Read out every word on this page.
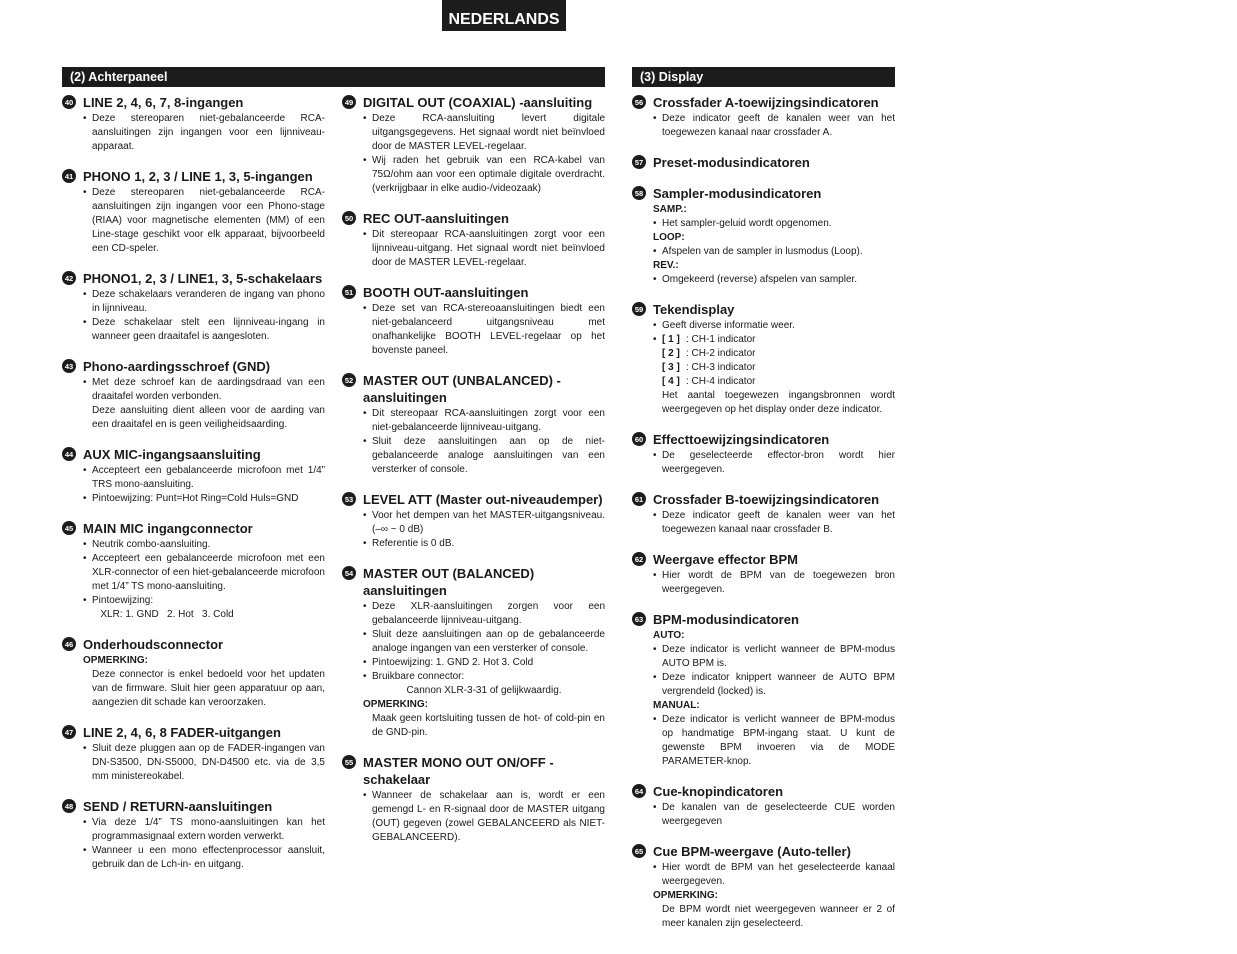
NEDERLANDS
(2) Achterpaneel	(3) Display
40 LINE 2, 4, 6, 7, 8-ingangen
• Deze stereoparen niet-gebalanceerde RCA-aansluitingen zijn ingangen voor een lijnniveau-apparaat.
41 PHONO 1, 2, 3 / LINE 1, 3, 5-ingangen
• Deze stereoparen niet-gebalanceerde RCA-aansluitingen zijn ingangen voor een Phono-stage (RIAA) voor magnetische elementen (MM) of een Line-stage geschikt voor elk apparaat, bijvoorbeeld een CD-speler.
42 PHONO1, 2, 3 / LINE1, 3, 5-schakelaars
• Deze schakelaars veranderen de ingang van phono in lijnniveau.
• Deze schakelaar stelt een lijnniveau-ingang in wanneer geen draaitafel is aangesloten.
43 Phono-aardingsschroef (GND)
• Met deze schroef kan de aardingsdraad van een draaitafel worden verbonden.
Deze aansluiting dient alleen voor de aarding van een draaitafel en is geen veiligheidsaarding.
44 AUX MIC-ingangsaansluiting
• Accepteert een gebalanceerde microfoon met 1/4” TRS mono-aansluiting.
• Pintoewijzing: Punt=Hot Ring=Cold Huls=GND
45 MAIN MIC ingangconnector
• Neutrik combo-aansluiting.
• Accepteert een gebalanceerde microfoon met een XLR-connector of een hiet-gebalanceerde microfoon met 1/4” TS mono-aansluiting.
• Pintoewijzing:
XLR: 1. GND   2. Hot   3. Cold
46 Onderhoudsconnector
OPMERKING:
Deze connector is enkel bedoeld voor het updaten van de firmware. Sluit hier geen apparatuur op aan, aangezien dit schade kan veroorzaken.
47 LINE 2, 4, 6, 8 FADER-uitgangen
• Sluit deze pluggen aan op de FADER-ingangen van DN-S3500, DN-S5000, DN-D4500 etc. via de 3,5 mm ministereokabel.
48 SEND / RETURN-aansluitingen
• Via deze 1/4” TS mono-aansluitingen kan het programmasignaal extern worden verwerkt.
• Wanneer u een mono effectenprocessor aansluit, gebruik dan de Lch-in- en uitgang.
49 DIGITAL OUT (COAXIAL) -aansluiting
• Deze RCA-aansluiting levert digitale uitgangsgegevens. Het signaal wordt niet beïnvloed door de MASTER LEVEL-regelaar.
• Wij raden het gebruik van een RCA-kabel van 75Ω/ohm aan voor een optimale digitale overdracht. (verkrijgbaar in elke audio-/videozaak)
50 REC OUT-aansluitingen
• Dit stereopaar RCA-aansluitingen zorgt voor een lijnniveau-uitgang. Het signaal wordt niet beïnvloed door de MASTER LEVEL-regelaar.
51 BOOTH OUT-aansluitingen
• Deze set van RCA-stereoaansluitingen biedt een niet-gebalanceerd uitgangsniveau met onafhankelijke BOOTH LEVEL-regelaar op het bovenste paneel.
52 MASTER OUT (UNBALANCED) - aansluitingen
• Dit stereopaar RCA-aansluitingen zorgt voor een niet-gebalanceerde lijnniveau-uitgang.
• Sluit deze aansluitingen aan op de niet-gebalanceerde analoge aansluitingen van een versterker of console.
53 LEVEL ATT (Master out-niveaudemper)
• Voor het dempen van het MASTER-uitgangsniveau. (–∞ ~ 0 dB)
• Referentie is 0 dB.
54 MASTER OUT (BALANCED) aansluitingen
• Deze XLR-aansluitingen zorgen voor een gebalanceerde lijnniveau-uitgang.
• Sluit deze aansluitingen aan op de gebalanceerde analoge ingangen van een versterker of console.
• Pintoewijzing: 1. GND 2. Hot 3. Cold
• Bruikbare connector:
Cannon XLR-3-31 of gelijkwaardig.
OPMERKING:
Maak geen kortsluiting tussen de hot- of cold-pin en de GND-pin.
55 MASTER MONO OUT ON/OFF - schakelaar
• Wanneer de schakelaar aan is, wordt er een gemengd L- en R-signaal door de MASTER uitgang (OUT) gegeven (zowel GEBALANCEERD als NIET-GEBALANCEERD).
56 Crossfader A-toewijzingsindicatoren
• Deze indicator geeft de kanalen weer van het toegewezen kanaal naar crossfader A.
57 Preset-modusindicatoren
58 Sampler-modusindicatoren
SAMP.:
• Het sampler-geluid wordt opgenomen.
LOOP:
• Afspelen van de sampler in lusmodus (Loop).
REV.:
• Omgekeerd (reverse) afspelen van sampler.
59 Tekendisplay
• Geeft diverse informatie weer.
• [ 1 ] : CH-1 indicator
[ 2 ] : CH-2 indicator
[ 3 ] : CH-3 indicator
[ 4 ] : CH-4 indicator
Het aantal toegewezen ingangsbronnen wordt weergegeven op het display onder deze indicator.
60 Effecttoewijzingsindicatoren
• De geselecteerde effector-bron wordt hier weergegeven.
61 Crossfader B-toewijzingsindicatoren
• Deze indicator geeft de kanalen weer van het toegewezen kanaal naar crossfader B.
62 Weergave effector BPM
• Hier wordt de BPM van de toegewezen bron weergegeven.
63 BPM-modusindicatoren
AUTO:
• Deze indicator is verlicht wanneer de BPM-modus AUTO BPM is.
• Deze indicator knippert wanneer de AUTO BPM vergrendeld (locked) is.
MANUAL:
• Deze indicator is verlicht wanneer de BPM-modus op handmatige BPM-ingang staat. U kunt de gewenste BPM invoeren via de MODE PARAMETER-knop.
64 Cue-knopindicatoren
• De kanalen van de geselecteerde CUE worden weergegeven
65 Cue BPM-weergave (Auto-teller)
• Hier wordt de BPM van het geselecteerde kanaal weergegeven.
OPMERKING:
De BPM wordt niet weergegeven wanneer er 2 of meer kanalen zijn geselecteerd.
